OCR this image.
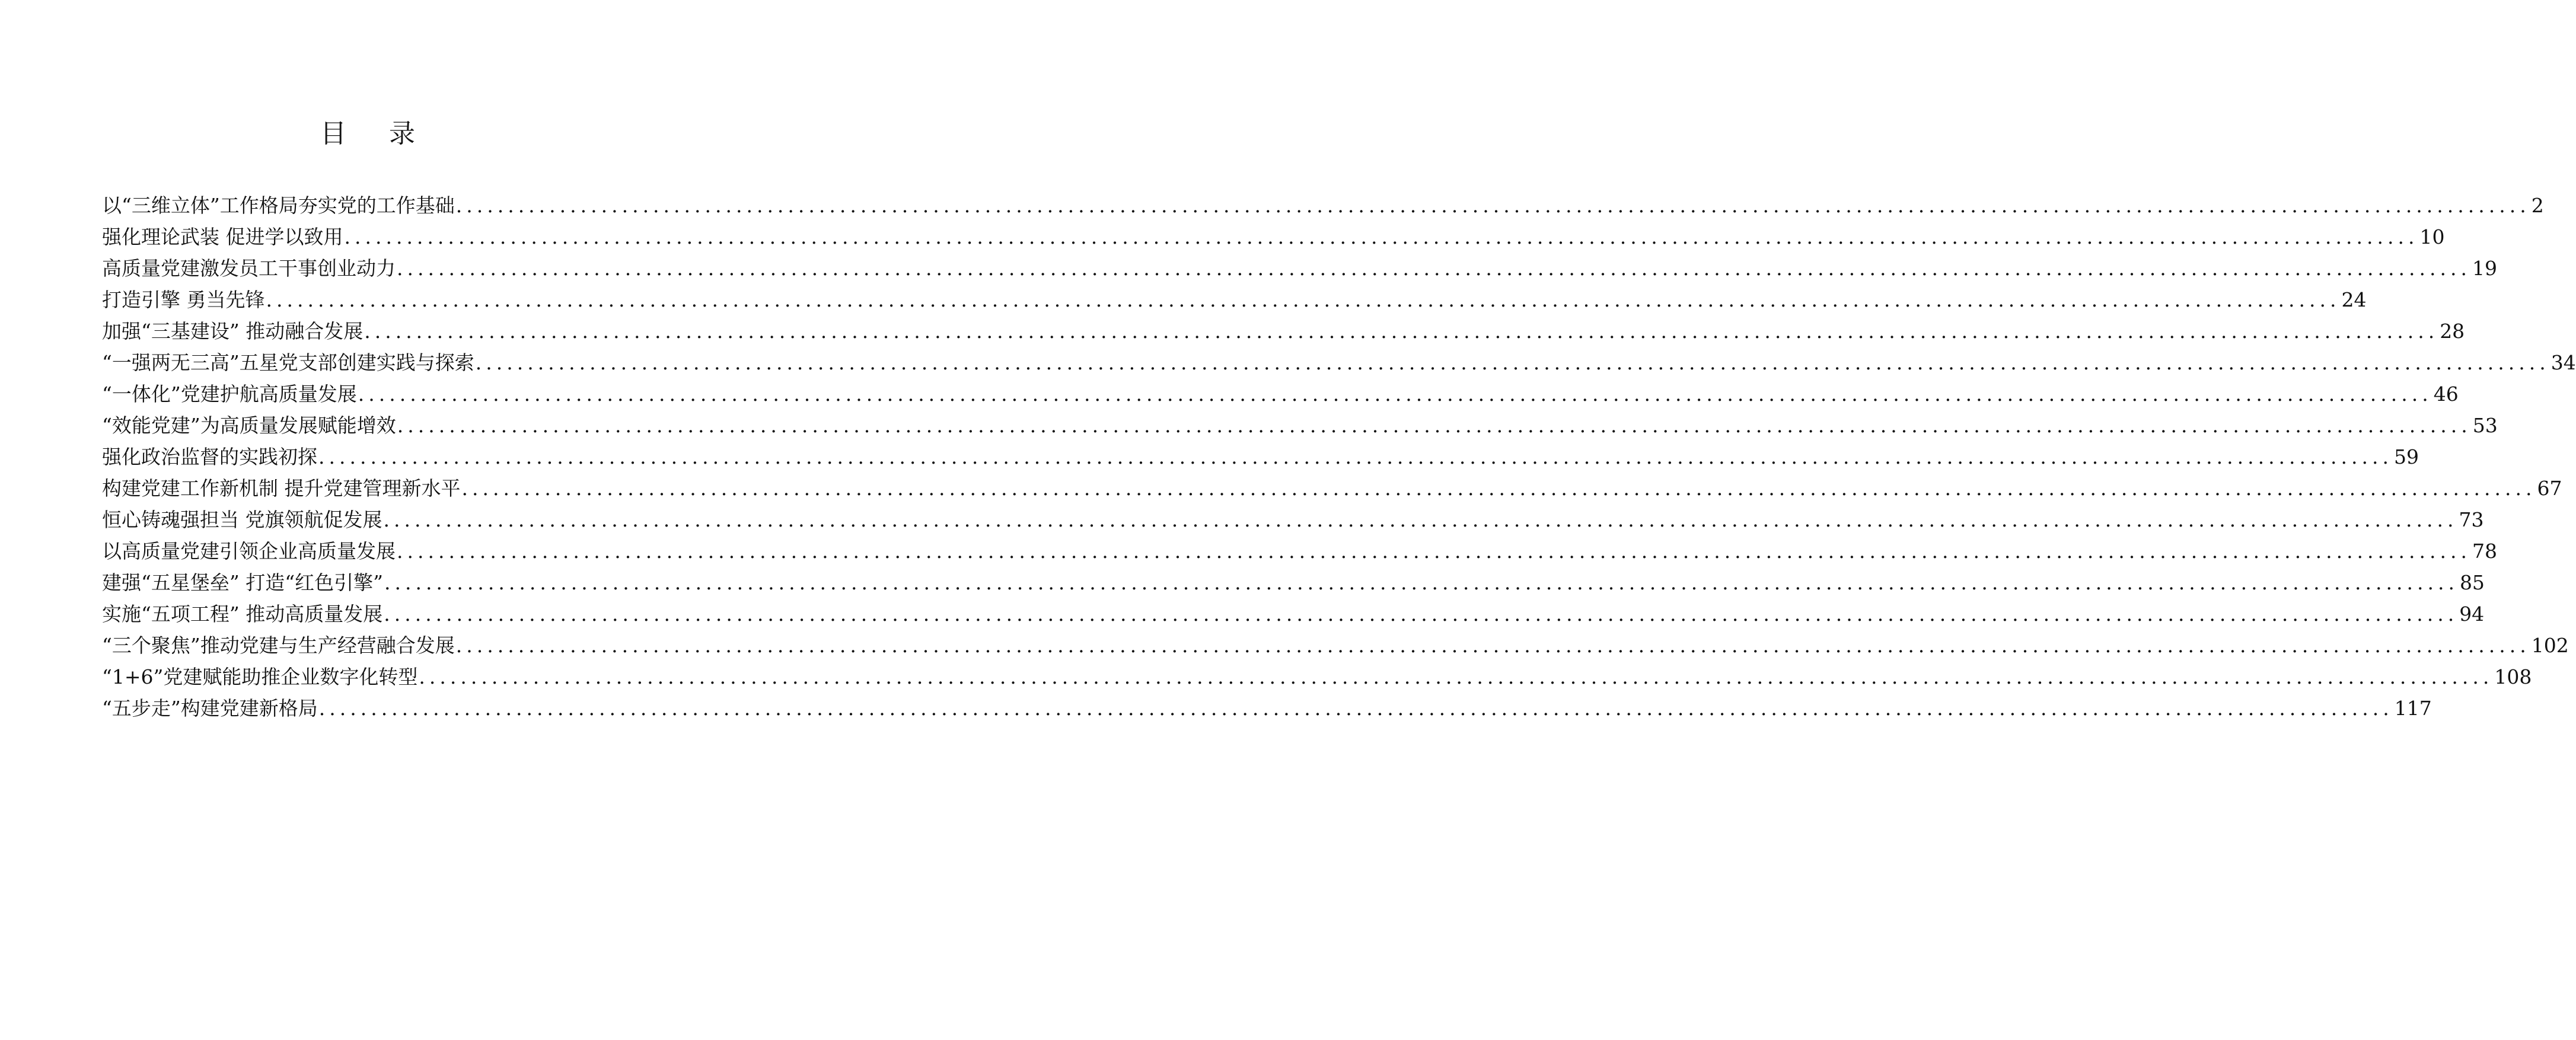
目 录
以“三维立体”工作格局夯实党的工作基础 ........................................................................................................................................................................................................ 2
强化理论武装 促进学以致用 ........................................................................................................................................................................................................ 10
高质量党建激发员工干事创业动力 ........................................................................................................................................................................................................ 19
打造引擎 勇当先锋 ........................................................................................................................................................................................................ 24
加强“三基建设” 推动融合发展 ........................................................................................................................................................................................................ 28
“一强两无三高”五星党支部创建实践与探索 ........................................................................................................................................................................................................ 34
“一体化”党建护航高质量发展 ........................................................................................................................................................................................................ 46
“效能党建”为高质量发展赋能增效 ........................................................................................................................................................................................................ 53
强化政治监督的实践初探 ........................................................................................................................................................................................................ 59
构建党建工作新机制 提升党建管理新水平 ........................................................................................................................................................................................................ 67
恒心铸魂强担当 党旗领航促发展 ........................................................................................................................................................................................................ 73
以高质量党建引领企业高质量发展 ........................................................................................................................................................................................................ 78
建强“五星堡垒” 打造“红色引擎” ........................................................................................................................................................................................................ 85
实施“五项工程” 推动高质量发展 ........................................................................................................................................................................................................ 94
“三个聚焦”推动党建与生产经营融合发展 ........................................................................................................................................................................................................ 102
“1+6”党建赋能助推企业数字化转型 ........................................................................................................................................................................................................ 108
“五步走”构建党建新格局 ........................................................................................................................................................................................................ 117
